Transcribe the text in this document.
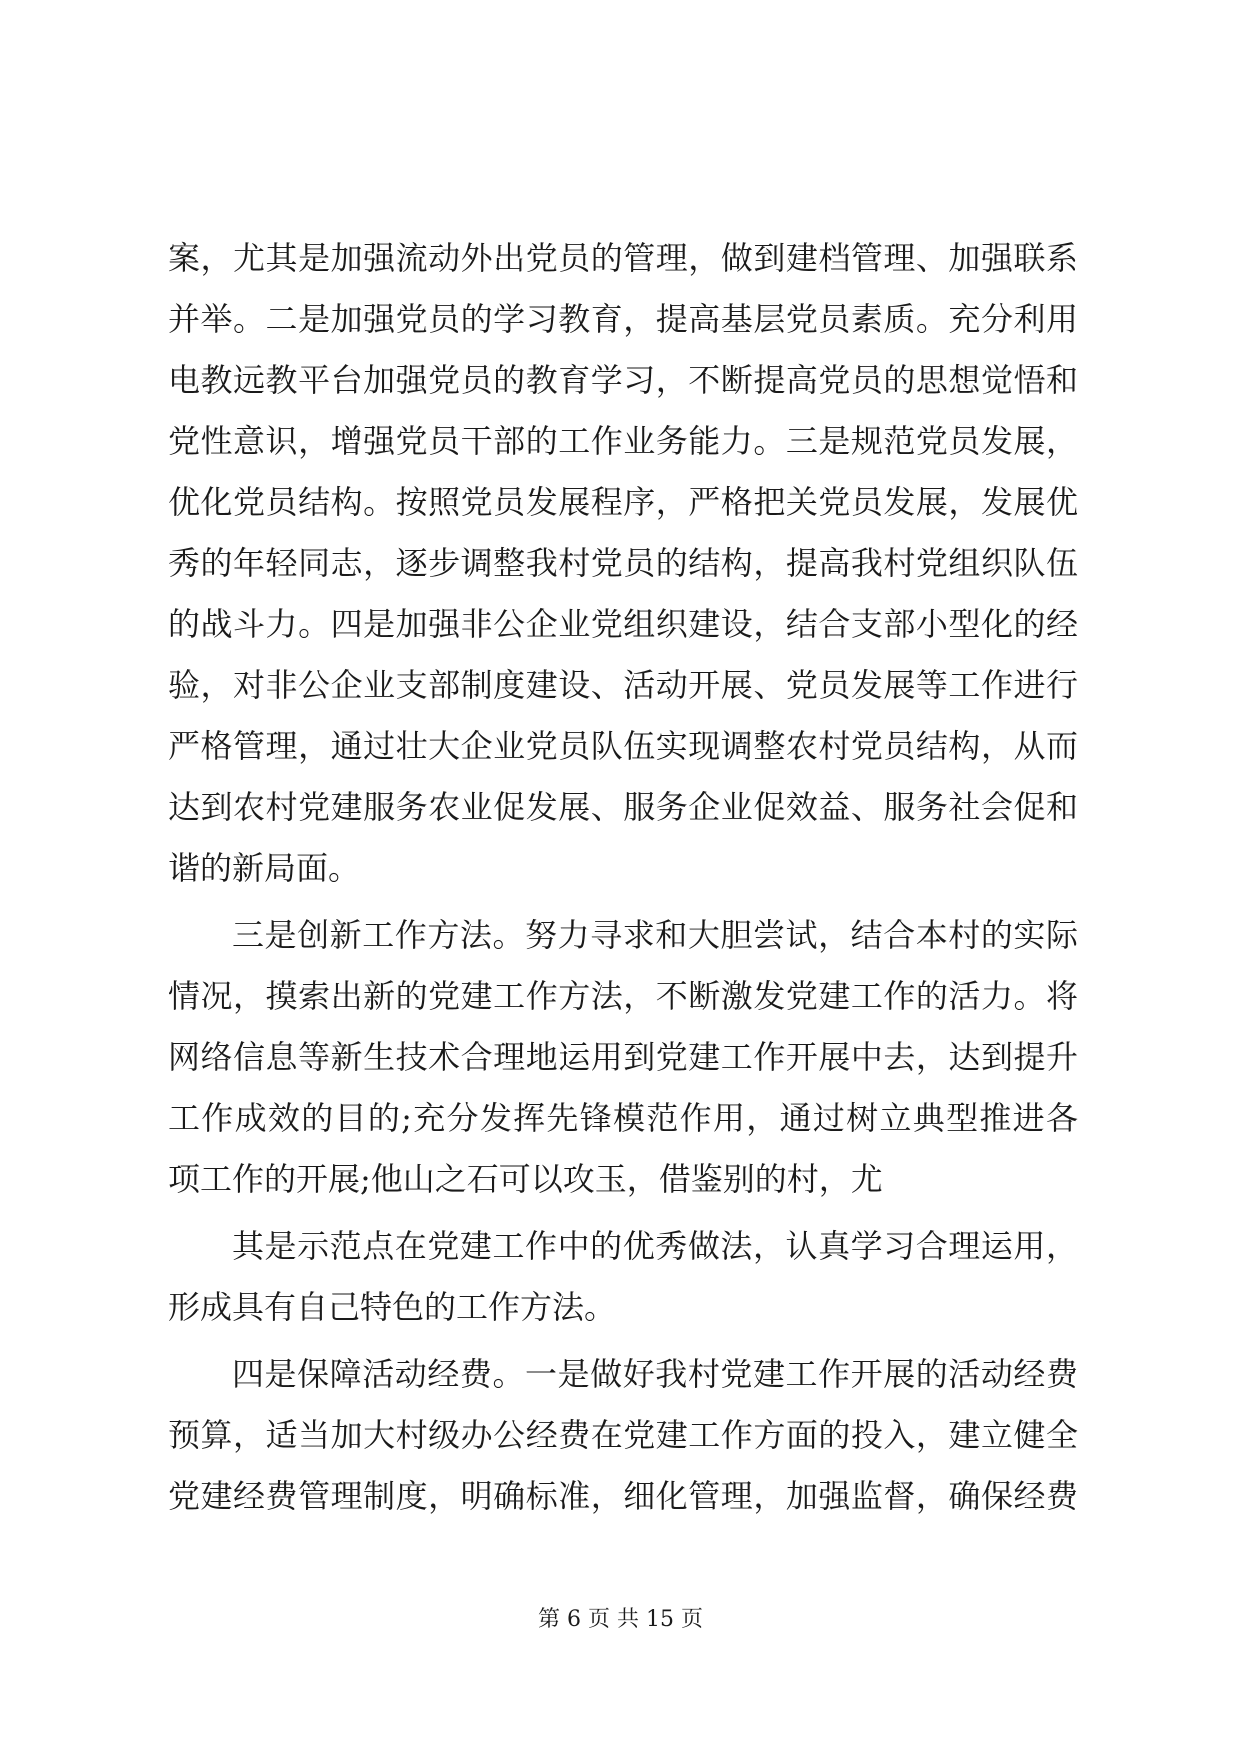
案，尤其是加强流动外出党员的管理，做到建档管理、加强联系
并举。二是加强党员的学习教育，提高基层党员素质。充分利用
电教远教平台加强党员的教育学习，不断提高党员的思想觉悟和
党性意识，增强党员干部的工作业务能力。三是规范党员发展，
优化党员结构。按照党员发展程序，严格把关党员发展，发展优
秀的年轻同志，逐步调整我村党员的结构，提高我村党组织队伍
的战斗力。四是加强非公企业党组织建设，结合支部小型化的经
验，对非公企业支部制度建设、活动开展、党员发展等工作进行
严格管理，通过壮大企业党员队伍实现调整农村党员结构，从而
达到农村党建服务农业促发展、服务企业促效益、服务社会促和
谐的新局面。
三是创新工作方法。努力寻求和大胆尝试，结合本村的实际
情况，摸索出新的党建工作方法，不断激发党建工作的活力。将
网络信息等新生技术合理地运用到党建工作开展中去，达到提升
工作成效的目的;充分发挥先锋模范作用，通过树立典型推进各
项工作的开展;他山之石可以攻玉，借鉴别的村，尤
其是示范点在党建工作中的优秀做法，认真学习合理运用，
形成具有自己特色的工作方法。
四是保障活动经费。一是做好我村党建工作开展的活动经费
预算，适当加大村级办公经费在党建工作方面的投入，建立健全
党建经费管理制度，明确标准，细化管理，加强监督，确保经费
第 6 页 共 15 页
